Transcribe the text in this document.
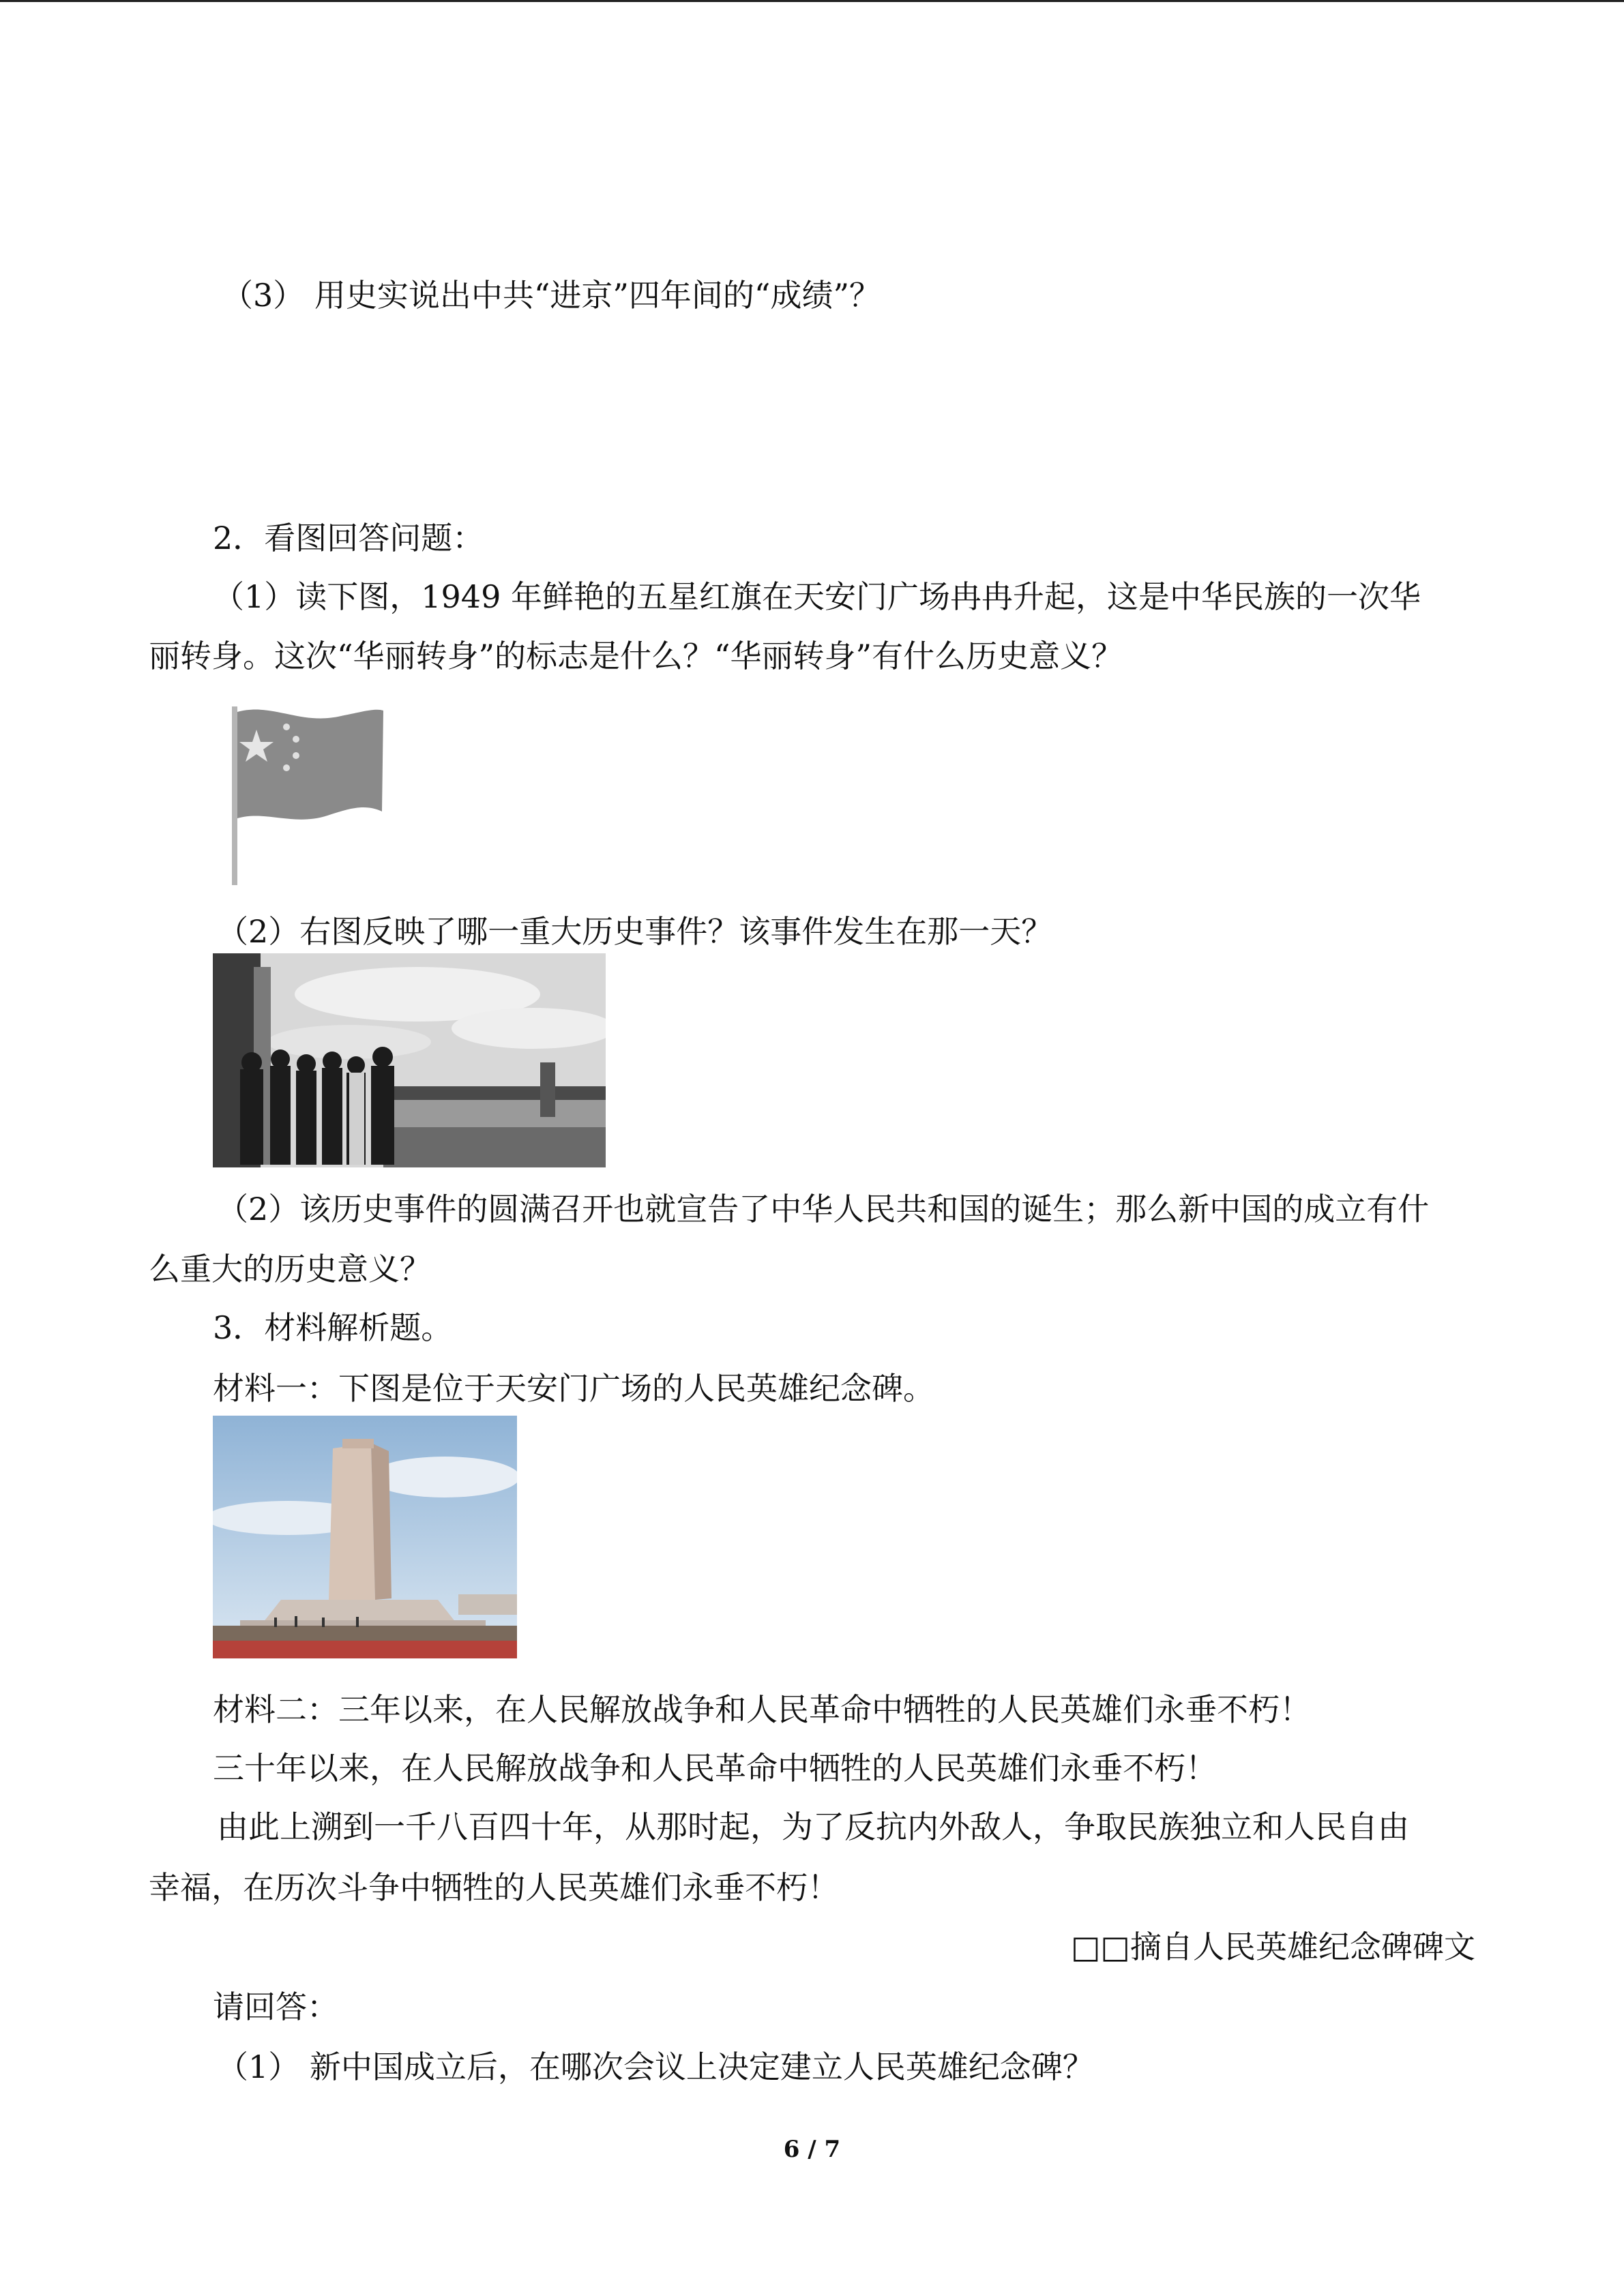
（3） 用史实说出中共“进京”四年间的“成绩”？

2．看图回答问题：

（1）读下图，1949 年鲜艳的五星红旗在天安门广场冉冉升起，这是中华民族的一次华

丽转身。这次“华丽转身”的标志是什么？“华丽转身”有什么历史意义？

（2）右图反映了哪一重大历史事件？该事件发生在那一天？

（2）该历史事件的圆满召开也就宣告了中华人民共和国的诞生；那么新中国的成立有什

么重大的历史意义？

3．材料解析题。

材料一：下图是位于天安门广场的人民英雄纪念碑。

材料二：三年以来，在人民解放战争和人民革命中牺牲的人民英雄们永垂不朽！

三十年以来，在人民解放战争和人民革命中牺牲的人民英雄们永垂不朽！

由此上溯到一千八百四十年，从那时起，为了反抗内外敌人，争取民族独立和人民自由

幸福，在历次斗争中牺牲的人民英雄们永垂不朽！

□□摘自人民英雄纪念碑碑文

请回答：

（1） 新中国成立后，在哪次会议上决定建立人民英雄纪念碑？

6 / 7
